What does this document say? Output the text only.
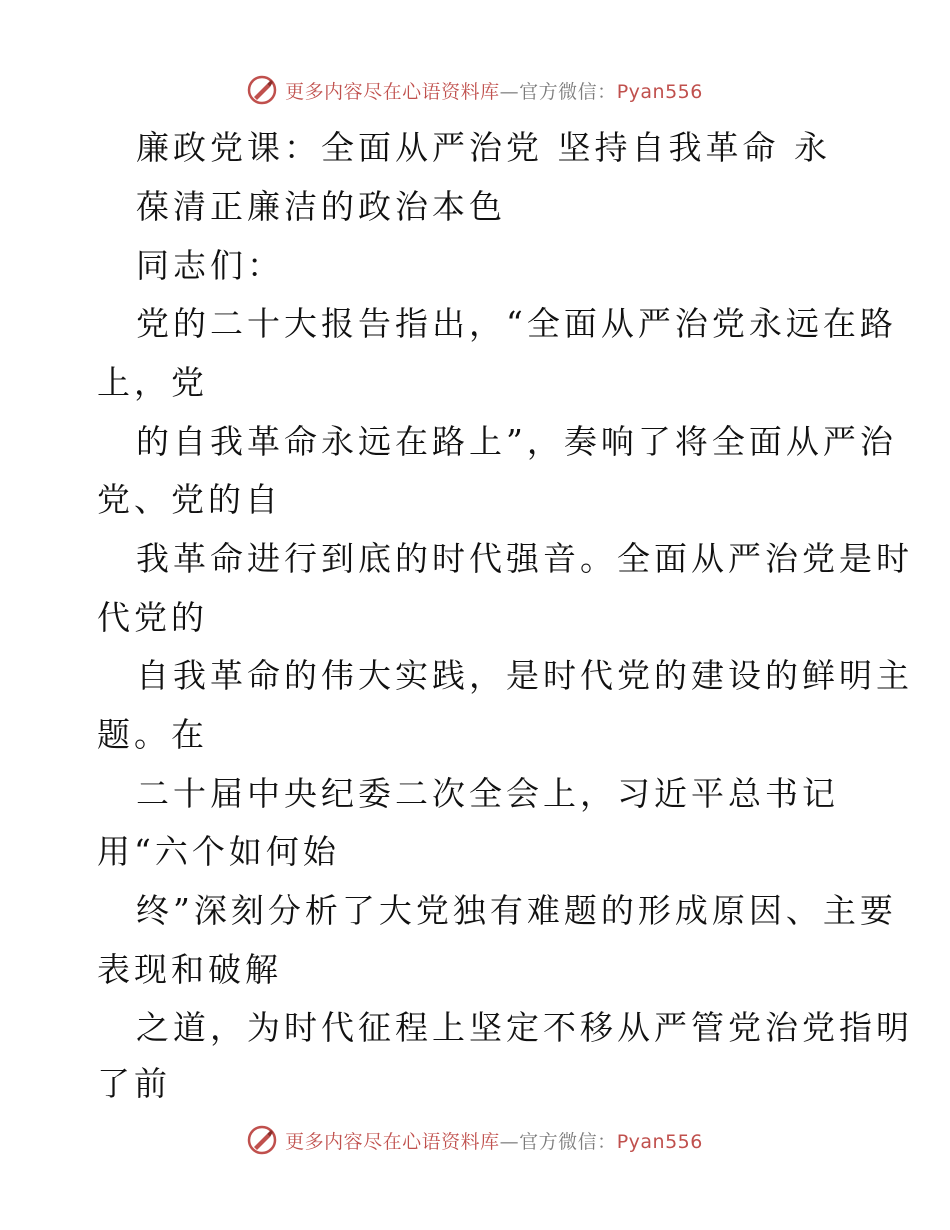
更多内容尽在心语资料库—官方微信：Pyan556
廉政党课：全面从严治党 坚持自我革命 永
葆清正廉洁的政治本色
同志们：
党的二十大报告指出，“全面从严治党永远在路
上，党
的自我革命永远在路上”，奏响了将全面从严治
党、党的自
我革命进行到底的时代强音。全面从严治党是时
代党的
自我革命的伟大实践，是时代党的建设的鲜明主
题。在
二十届中央纪委二次全会上，习近平总书记
用“六个如何始
终”深刻分析了大党独有难题的形成原因、主要
表现和破解
之道，为时代征程上坚定不移从严管党治党指明
了前
更多内容尽在心语资料库—官方微信：Pyan556
